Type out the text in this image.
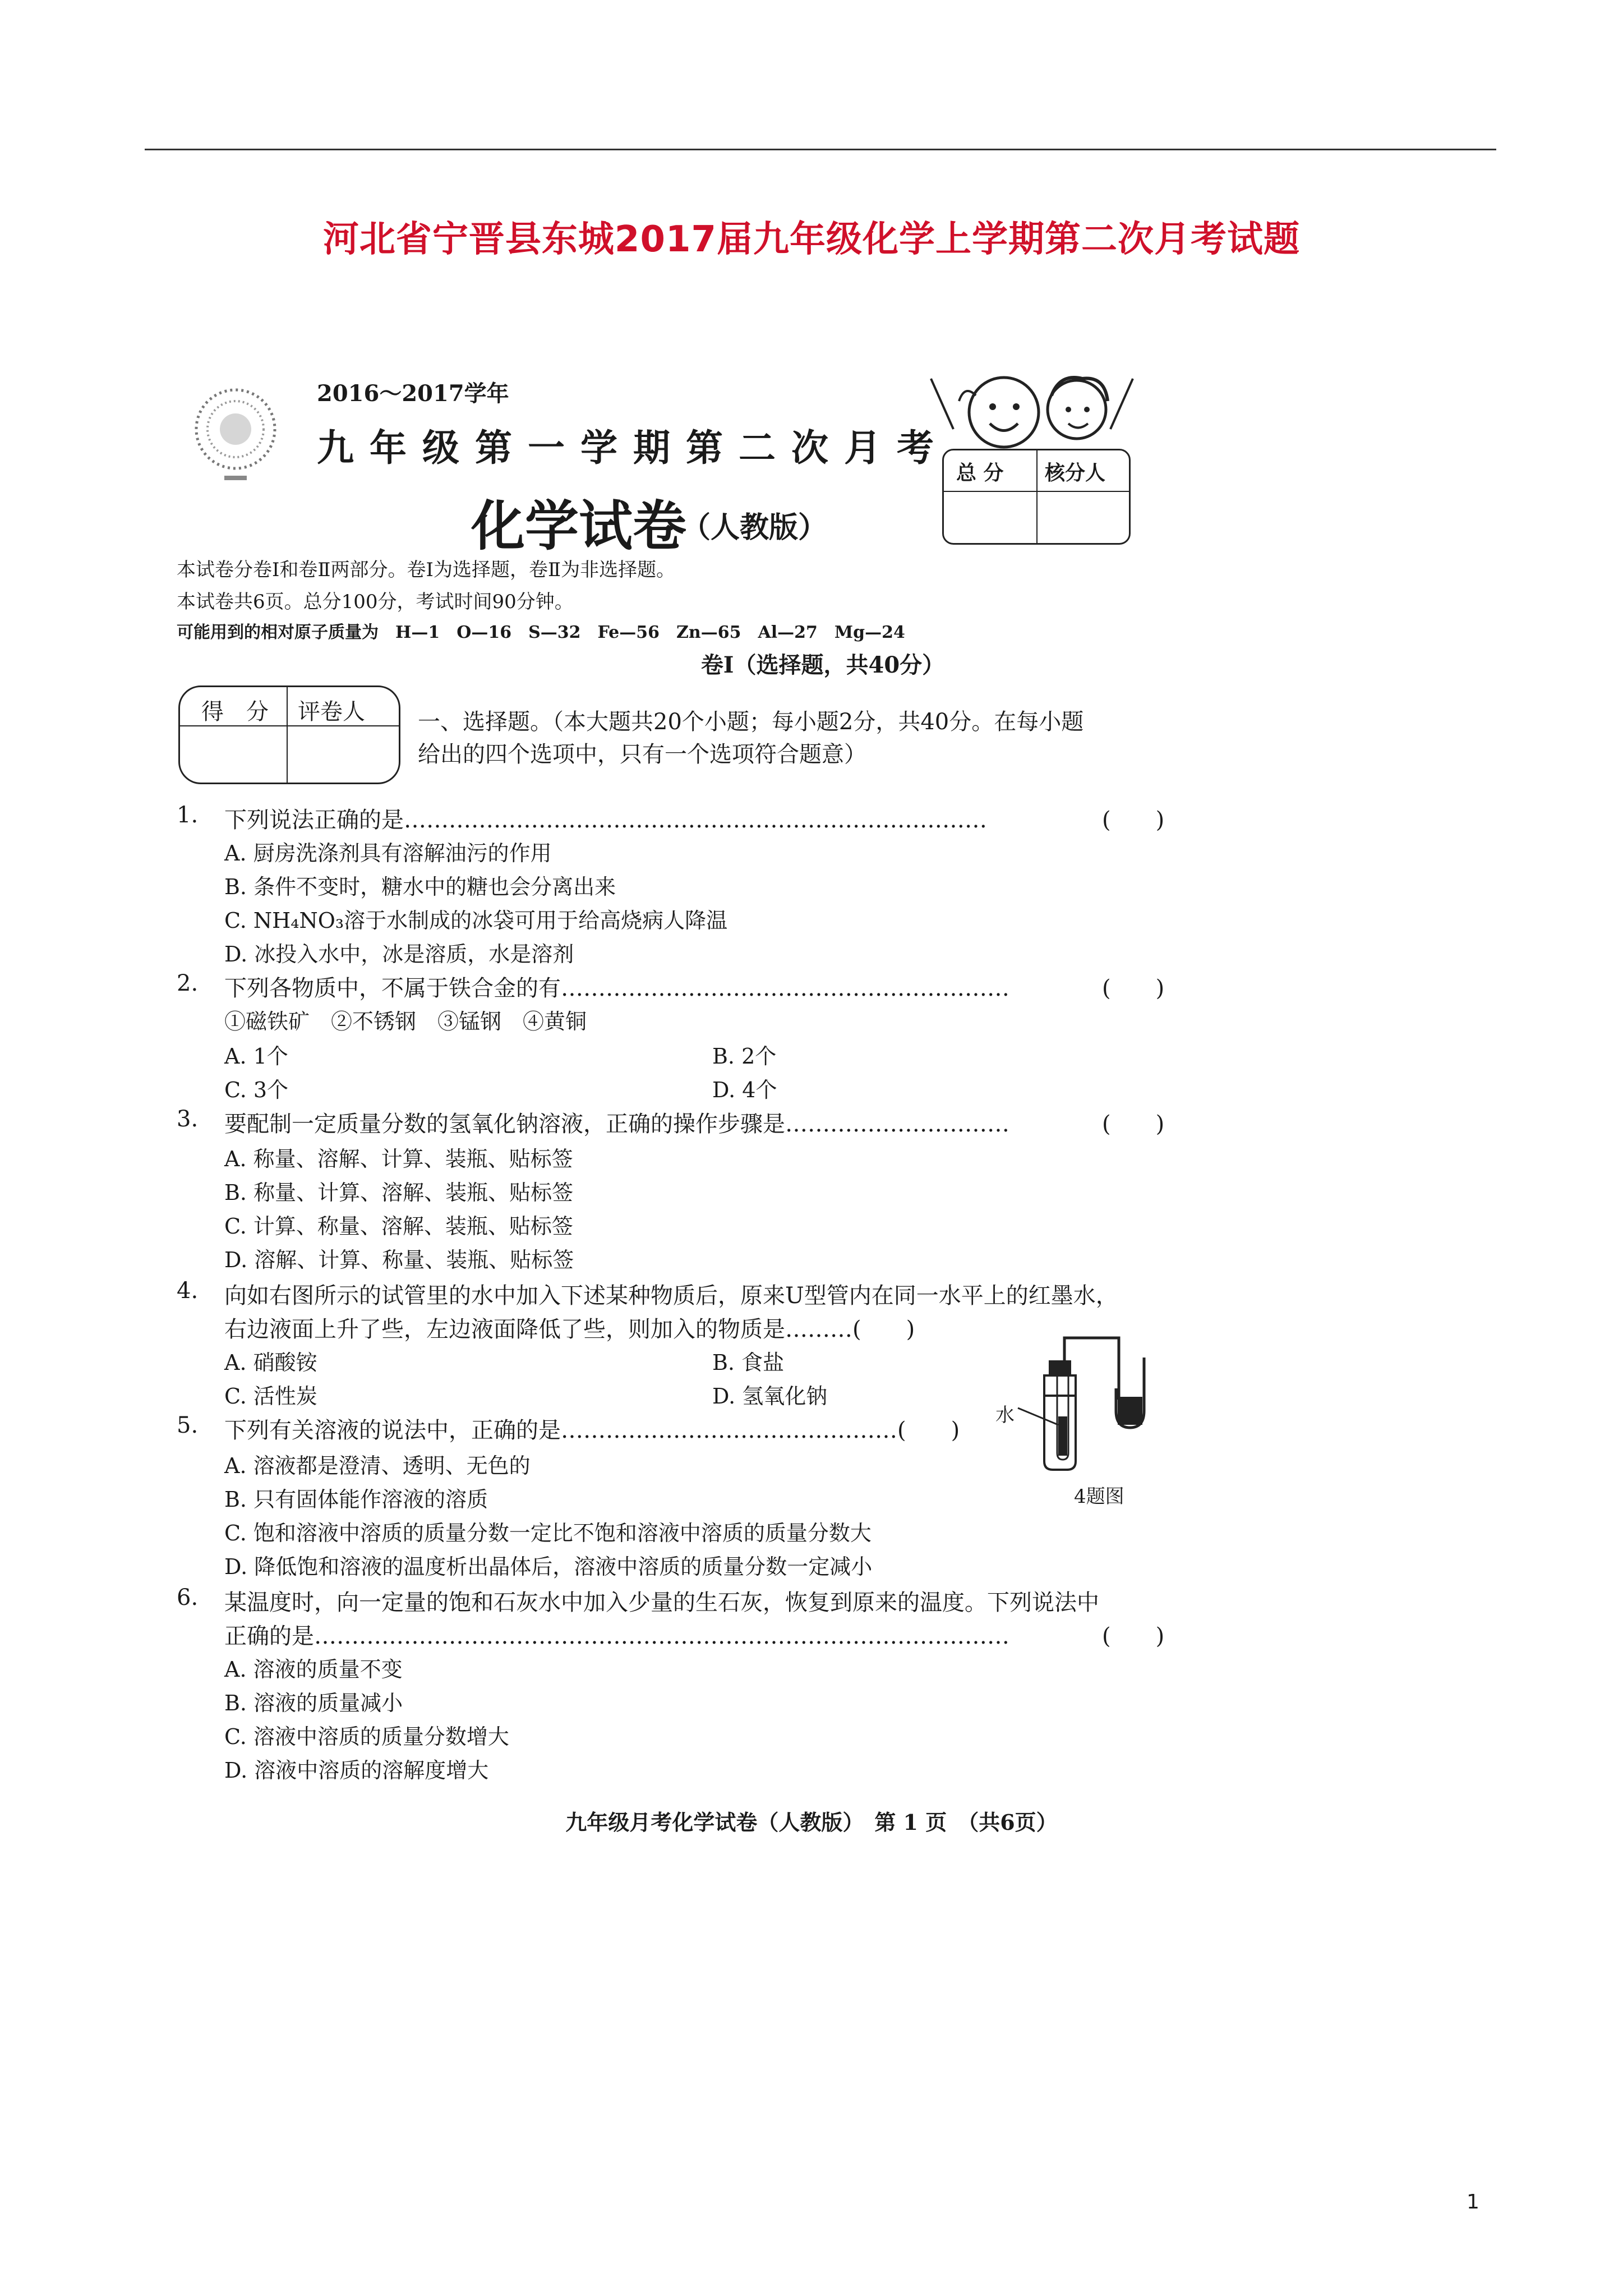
河北省宁晋县东城2017届九年级化学上学期第二次月考试题
2016～2017学年
九年级第一学期第二次月考
化学试卷
（人教版）
总 分 核分人
本试卷分卷Ⅰ和卷Ⅱ两部分。卷Ⅰ为选择题，卷Ⅱ为非选择题。
本试卷共6页。总分100分，考试时间90分钟。
可能用到的相对原子质量为　H—1　O—16　S—32　Fe—56　Zn—65　Al—27　Mg—24
卷Ⅰ（选择题，共40分）
得　分 评卷人 一、选择题。（本大题共20个小题；每小题2分，共40分。在每小题
给出的四个选项中，只有一个选项符合题意）
1. 下列说法正确的是……………………………………………………………………	(　　)
A. 厨房洗涤剂具有溶解油污的作用
B. 条件不变时，糖水中的糖也会分离出来
C. NH₄NO₃溶于水制成的冰袋可用于给高烧病人降温
D. 冰投入水中，冰是溶质，水是溶剂
2. 下列各物质中，不属于铁合金的有……………………………………………………	(　　)
①磁铁矿　②不锈钢　③锰钢　④黄铜
A. 1个	B. 2个
C. 3个	D. 4个
3. 要配制一定质量分数的氢氧化钠溶液，正确的操作步骤是…………………………	(　　)
A. 称量、溶解、计算、装瓶、贴标签
B. 称量、计算、溶解、装瓶、贴标签
C. 计算、称量、溶解、装瓶、贴标签
D. 溶解、计算、称量、装瓶、贴标签
4. 向如右图所示的试管里的水中加入下述某种物质后，原来U型管内在同一水平上的红墨水，
右边液面上升了些，左边液面降低了些，则加入的物质是………(　　)
A. 硝酸铵	B. 食盐
C. 活性炭	D. 氢氧化钠
水
4题图
5. 下列有关溶液的说法中，正确的是………………………………………(　　)
A. 溶液都是澄清、透明、无色的
B. 只有固体能作溶液的溶质
C. 饱和溶液中溶质的质量分数一定比不饱和溶液中溶质的质量分数大
D. 降低饱和溶液的温度析出晶体后，溶液中溶质的质量分数一定减小
6. 某温度时，向一定量的饱和石灰水中加入少量的生石灰，恢复到原来的温度。下列说法中
正确的是…………………………………………………………………………………	(　　)
A. 溶液的质量不变
B. 溶液的质量减小
C. 溶液中溶质的质量分数增大
D. 溶液中溶质的溶解度增大
九年级月考化学试卷（人教版）　第 1 页　（共6页）
1
